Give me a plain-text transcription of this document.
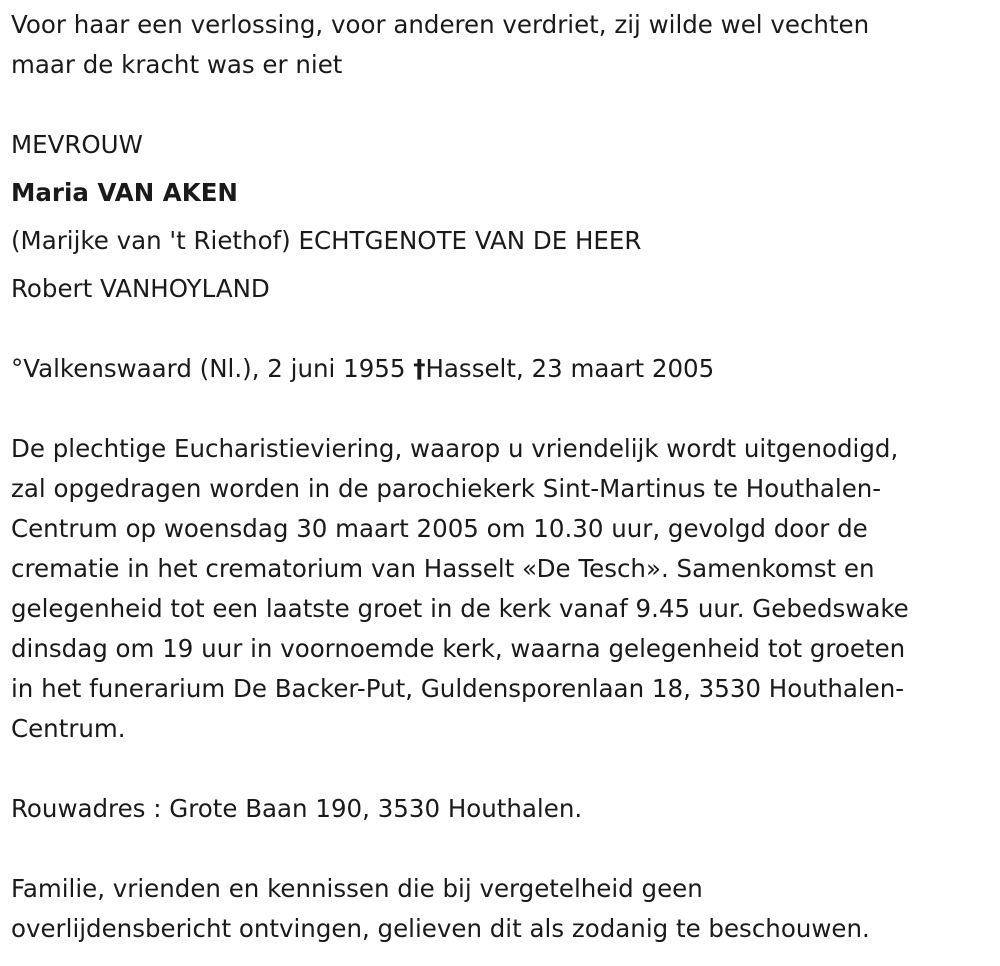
Voor haar een verlossing, voor anderen verdriet, zij wilde wel vechten
maar de kracht was er niet
MEVROUW
Maria VAN AKEN
(Marijke van 't Riethof) ECHTGENOTE VAN DE HEER
Robert VANHOYLAND
°Valkenswaard (Nl.), 2 juni 1955 †Hasselt, 23 maart 2005
De plechtige Eucharistieviering, waarop u vriendelijk wordt uitgenodigd,
zal opgedragen worden in de parochiekerk Sint-Martinus te Houthalen-
Centrum op woensdag 30 maart 2005 om 10.30 uur, gevolgd door de
crematie in het crematorium van Hasselt «De Tesch». Samenkomst en
gelegenheid tot een laatste groet in de kerk vanaf 9.45 uur. Gebedswake
dinsdag om 19 uur in voornoemde kerk, waarna gelegenheid tot groeten
in het funerarium De Backer-Put, Guldensporenlaan 18, 3530 Houthalen-
Centrum.
Rouwadres : Grote Baan 190, 3530 Houthalen.
Familie, vrienden en kennissen die bij vergetelheid geen
overlijdensbericht ontvingen, gelieven dit als zodanig te beschouwen.
